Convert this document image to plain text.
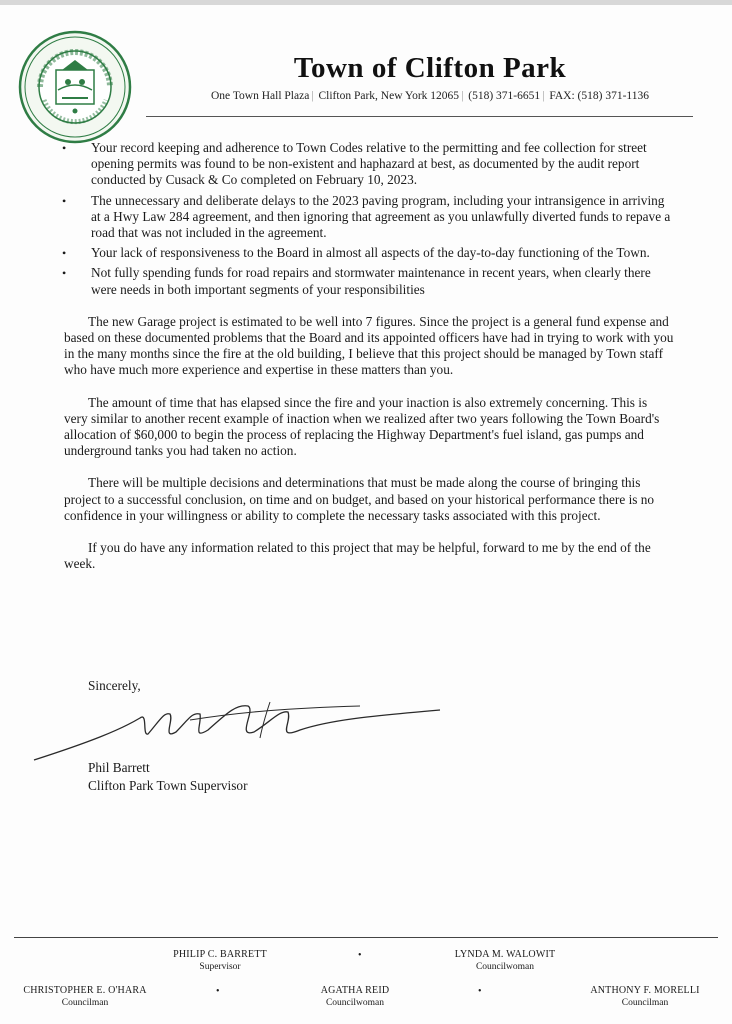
Town of Clifton Park
One Town Hall Plaza | Clifton Park, New York 12065 | (518) 371-6651 | FAX: (518) 371-1136
• Your record keeping and adherence to Town Codes relative to the permitting and fee collection for street opening permits was found to be non-existent and haphazard at best, as documented by the audit report conducted by Cusack & Co completed on February 10, 2023.
• The unnecessary and deliberate delays to the 2023 paving program, including your intransigence in arriving at a Hwy Law 284 agreement, and then ignoring that agreement as you unlawfully diverted funds to repave a road that was not included in the agreement.
• Your lack of responsiveness to the Board in almost all aspects of the day-to-day functioning of the Town.
• Not fully spending funds for road repairs and stormwater maintenance in recent years, when clearly there were needs in both important segments of your responsibilities

The new Garage project is estimated to be well into 7 figures. Since the project is a general fund expense and based on these documented problems that the Board and its appointed officers have had in trying to work with you in the many months since the fire at the old building, I believe that this project should be managed by Town staff who have much more experience and expertise in these matters than you.

The amount of time that has elapsed since the fire and your inaction is also extremely concerning. This is very similar to another recent example of inaction when we realized after two years following the Town Board's allocation of $60,000 to begin the process of replacing the Highway Department's fuel island, gas pumps and underground tanks you had taken no action.

There will be multiple decisions and determinations that must be made along the course of bringing this project to a successful conclusion, on time and on budget, and based on your historical performance there is no confidence in your willingness or ability to complete the necessary tasks associated with this project.

If you do have any information related to this project that may be helpful, forward to me by the end of the week.

Sincerely,
Phil Barrett
Clifton Park Town Supervisor
PHILIP C. BARRETT
Supervisor
•	LYNDA M. WALOWIT
Councilwoman
CHRISTOPHER E. O'HARA
Councilman
•	AGATHA REID
Councilwoman
•	ANTHONY F. MORELLI
Councilman
